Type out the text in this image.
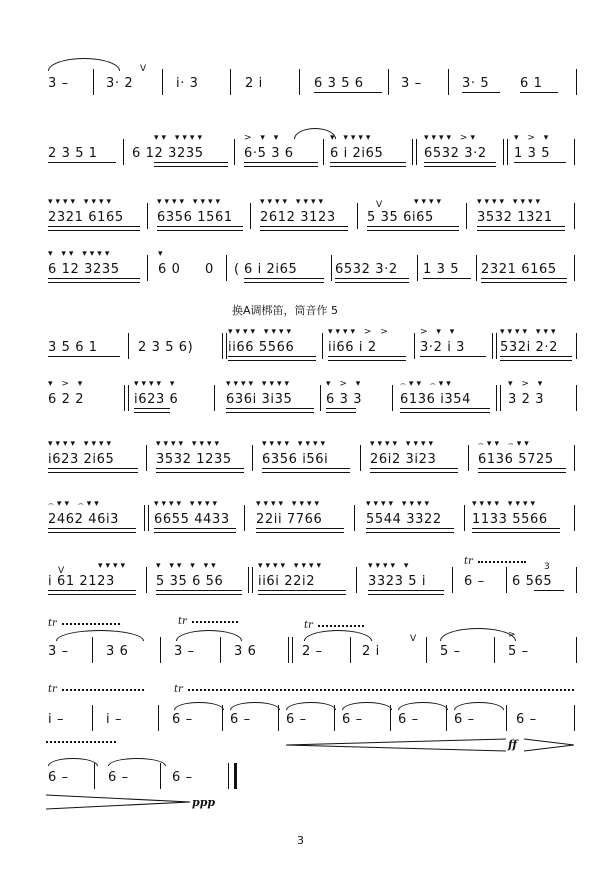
3 –	3· 2
V
i· 3	2 i	6 3 5 6	3 –	3· 5 6 1
2 3 5 1
▾▾ ▾▾▾▾
6 12 3235
> ▾ ▾
6·5 3 6
▾ ▾▾▾▾
6 i 2i65
▾▾▾▾ >▾
6532 3·2
▾ > ▾
1 3 5
▾▾▾▾ ▾▾▾▾
2321 6165
▾▾▾▾ ▾▾▾▾
6356 1561
▾▾▾▾ ▾▾▾▾
2612 3123
V	▾▾▾▾
5 35 6i65
▾▾▾▾ ▾▾▾▾
3532 1321
▾ ▾▾ ▾▾▾▾
6 12 3235
▾
6 0 0 ( 6 i 2i65	6532 3·2 1 3 5 2321 6165
换A调梆笛，筒音作 5
3 5 6 1	2 3 5 6)
▾▾▾▾ ▾▾▾▾
ii66 5566
▾▾▾▾ > >
ii66 i 2
> ▾ ▾
3·2 i 3
▾▾▾▾ ▾▾▾
532i 2·2
▾ > ▾
6 2 2
▾▾▾▾ ▾
i623 6
▾▾▾▾ ▾▾▾▾
636i 3i35
▾ > ▾
6 3 3
⌢▾▾ ⌢▾▾
6136 i354
▾ > ▾
3 2 3
▾▾▾▾ ▾▾▾▾
i623 2i65
▾▾▾▾ ▾▾▾▾
3532 1235
▾▾▾▾ ▾▾▾▾
6356 i56i
▾▾▾▾ ▾▾▾▾
26i2 3i23
⌢▾▾ ⌢▾▾
6136 5725
⌢▾▾ ⌢▾▾
2462 46i3
▾▾▾▾ ▾▾▾▾
6655 4433
▾▾▾▾ ▾▾▾▾
22ii 7766
▾▾▾▾ ▾▾▾▾
5544 3322
▾▾▾▾ ▾▾▾▾
1133 5566
V	▾▾▾▾
i 61 2123
▾ ▾▾ ▾ ▾▾
5 35 6 56
▾▾▾▾ ▾▾▾▾
ii6i 22i2
▾▾▾▾ ▾
3323 5 i
tr
6 –
3
6 565
tr
3 –	3 6
tr
3 –	3 6
tr
2 –	2 i
V
5 –
>
5 –
tr
i –	i –
tr
6 –	6 –	6 –	6 –	6 –	6 –	6 –
ff
6 –	6 –	6 –
ppp
3
